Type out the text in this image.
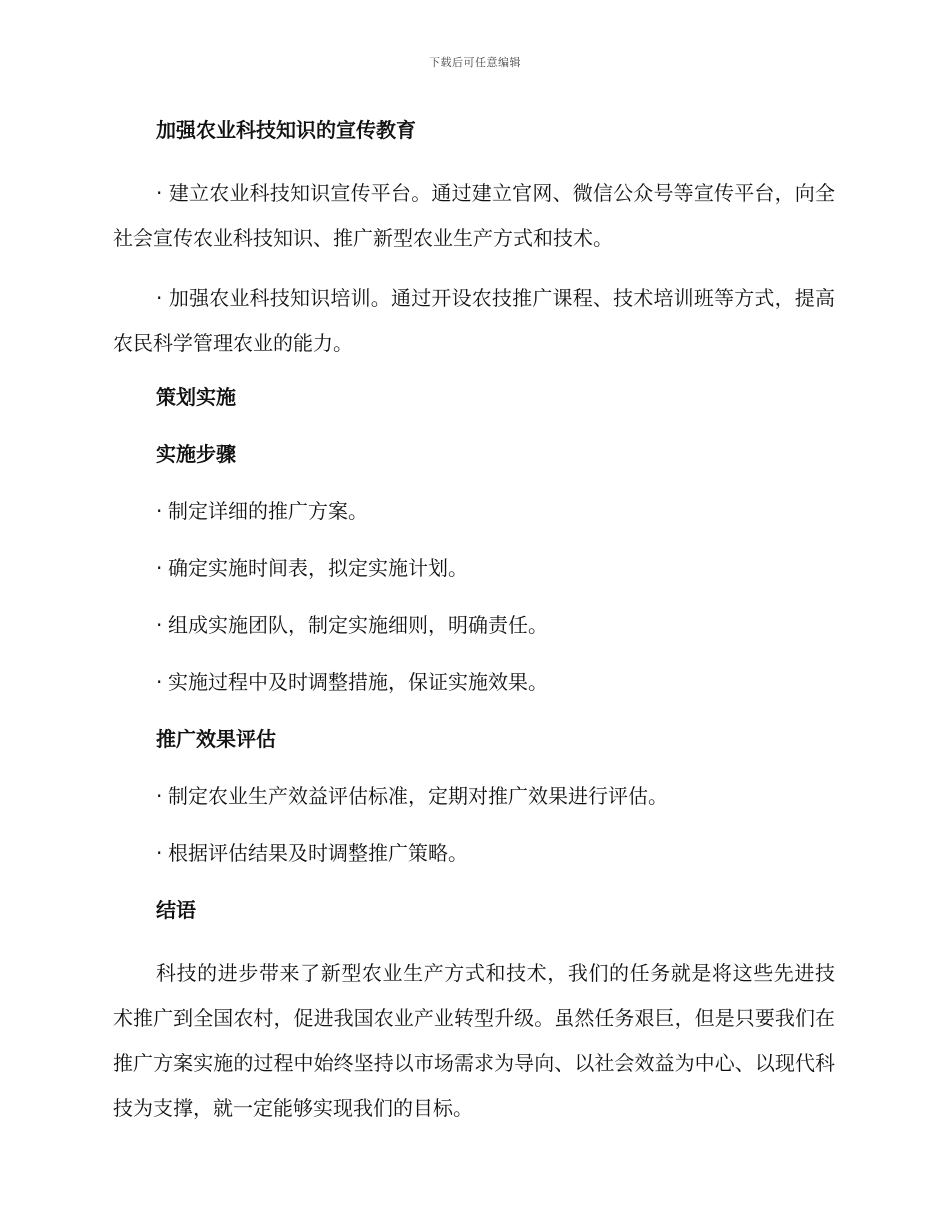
下载后可任意编辑
加强农业科技知识的宣传教育

· 建立农业科技知识宣传平台。通过建立官网、微信公众号等宣传平台，向全社会宣传农业科技知识、推广新型农业生产方式和技术。

· 加强农业科技知识培训。通过开设农技推广课程、技术培训班等方式，提高农民科学管理农业的能力。

策划实施
实施步骤
· 制定详细的推广方案。
· 确定实施时间表，拟定实施计划。
· 组成实施团队，制定实施细则，明确责任。
· 实施过程中及时调整措施，保证实施效果。
推广效果评估
· 制定农业生产效益评估标准，定期对推广效果进行评估。
· 根据评估结果及时调整推广策略。
结语

科技的进步带来了新型农业生产方式和技术，我们的任务就是将这些先进技术推广到全国农村，促进我国农业产业转型升级。虽然任务艰巨，但是只要我们在推广方案实施的过程中始终坚持以市场需求为导向、以社会效益为中心、以现代科技为支撑，就一定能够实现我们的目标。
